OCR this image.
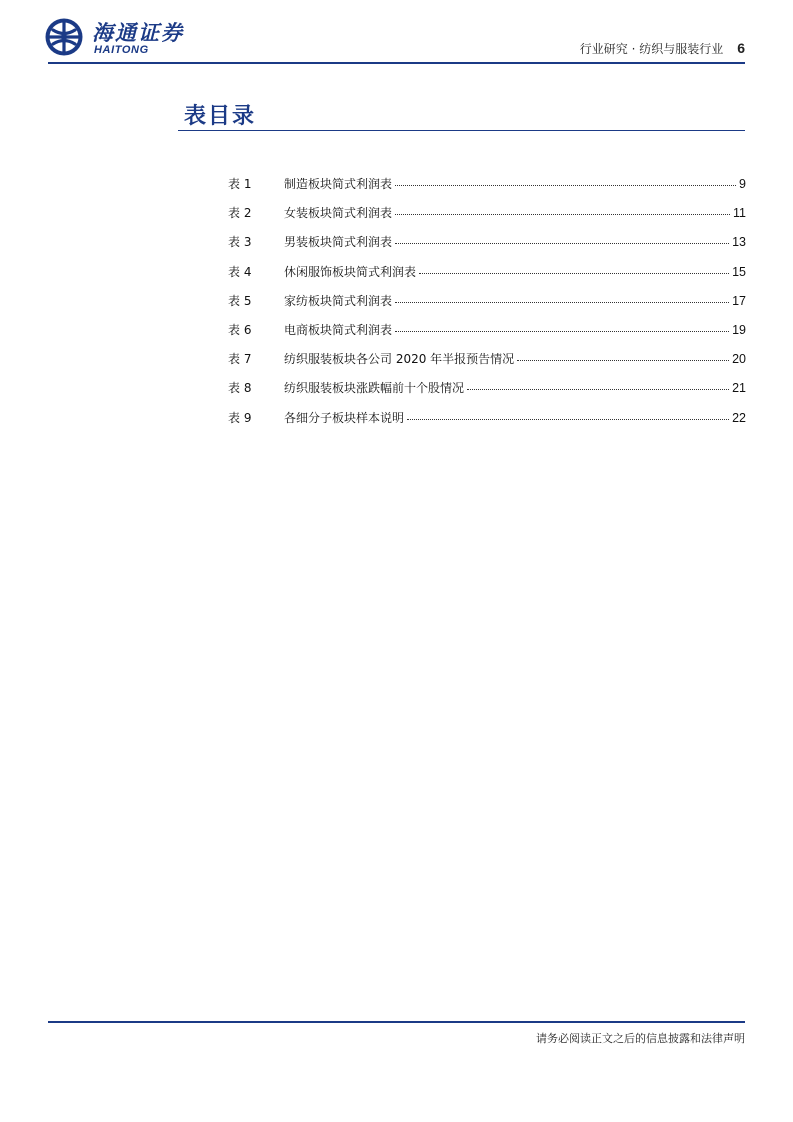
海通证券
HAITONG	行业研究 · 纺织与服装行业 6
表目录
表 1	制造板块简式利润表	9
表 2	女装板块简式利润表	11
表 3	男装板块简式利润表	13
表 4	休闲服饰板块简式利润表	15
表 5	家纺板块简式利润表	17
表 6	电商板块简式利润表	19
表 7	纺织服装板块各公司 2020 年半报预告情况	20
表 8	纺织服装板块涨跌幅前十个股情况	21
表 9	各细分子板块样本说明	22
请务必阅读正文之后的信息披露和法律声明
